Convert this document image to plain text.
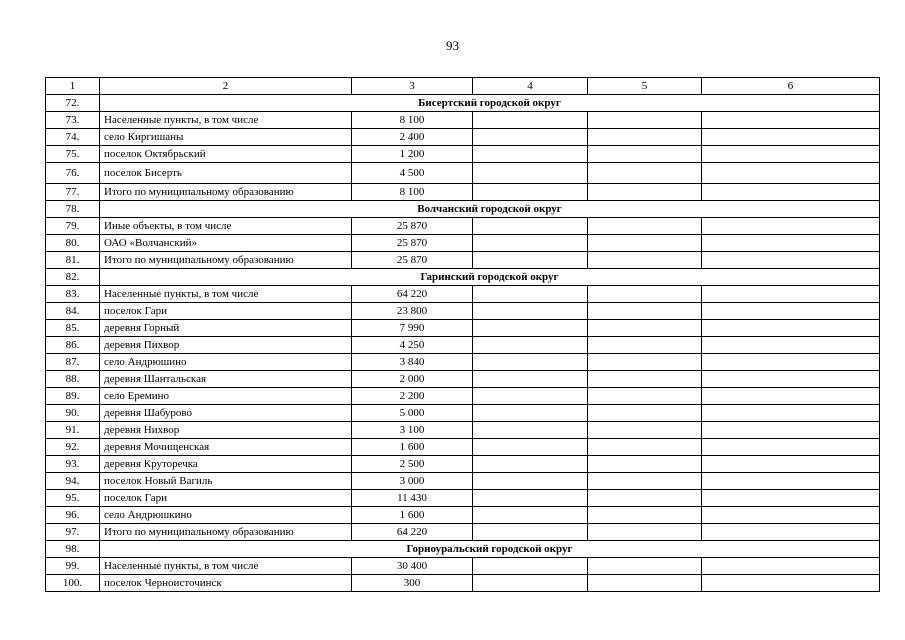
93
1	2	3	4	5	6
72.	Бисертский городской округ				
73.	Населенные пункты, в том числе	8 100			
74.	село Киргишаны	2 400			
75.	поселок Октябрьский	1 200			
76.	поселок Бисерть	4 500			
77.	Итого по муниципальному образованию	8 100			
78.	Волчанский городской округ				
79.	Иные объекты, в том числе	25 870			
80.	ОАО «Волчанский»	25 870			
81.	Итого по муниципальному образованию	25 870			
82.	Гаринский городской округ				
83.	Населенные пункты, в том числе	64 220			
84.	поселок Гари	23 800			
85.	деревня Горный	7 990			
86.	деревня Пихвор	4 250			
87.	село Андрюшино	3 840			
88.	деревня Шантальская	2 000			
89.	село Еремино	2 200			
90.	деревня Шабурово	5 000			
91.	деревня Нихвор	3 100			
92.	деревня Мочищенская	1 600			
93.	деревня Крутоpечка	2 500			
94.	поселок Новый Вагиль	3 000			
95.	поселок Гари	11 430			
96.	село Андрюшкино	1 600			
97.	Итого по муниципальному образованию	64 220			
98.	Горноуральский городской округ				
99.	Населенные пункты, в том числе	30 400			
100.	поселок Черноисточинск	300			
